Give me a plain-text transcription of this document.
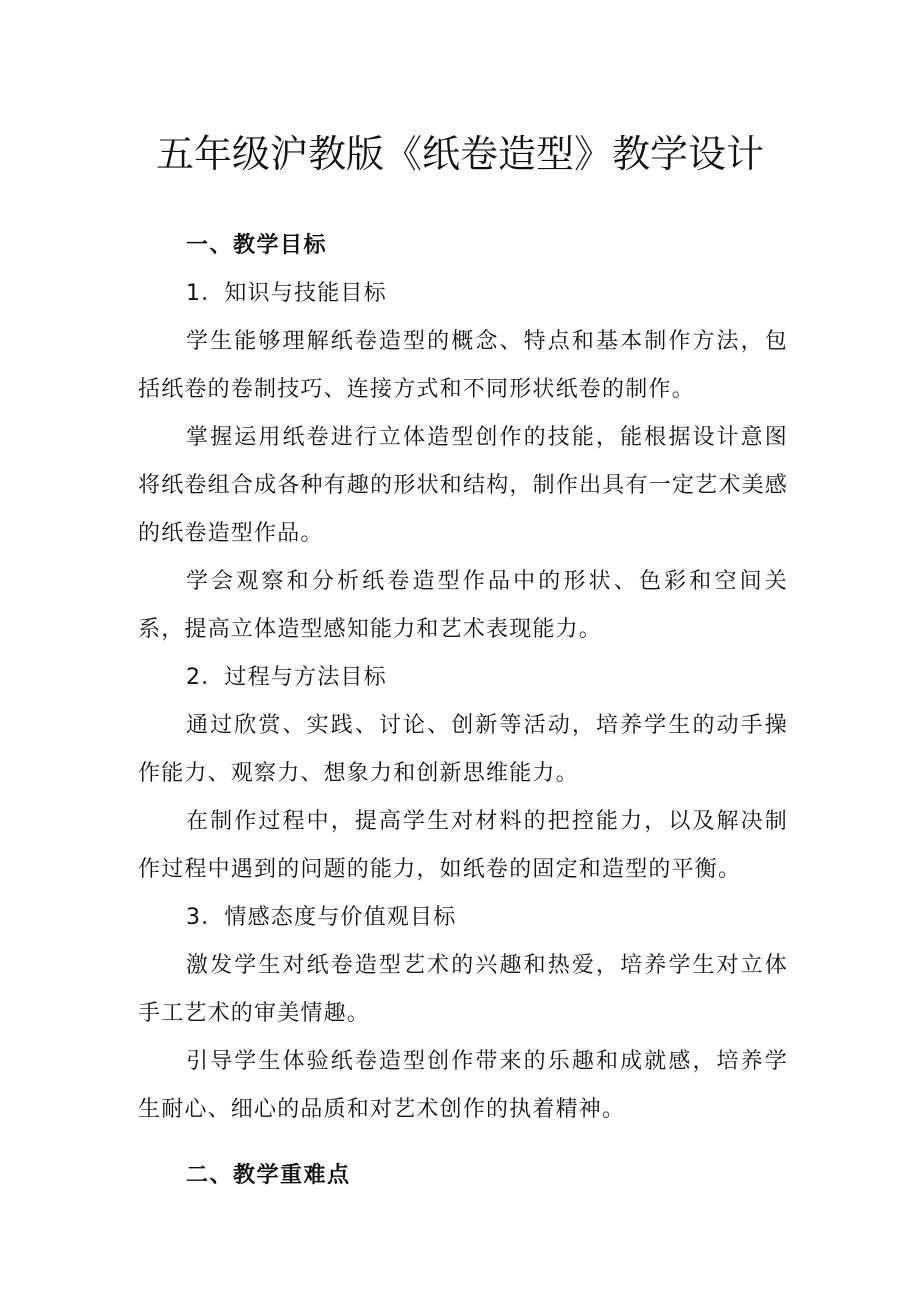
五年级沪教版《纸卷造型》教学设计
一、教学目标
1．知识与技能目标

学生能够理解纸卷造型的概念、特点和基本制作方法，包括纸卷的卷制技巧、连接方式和不同形状纸卷的制作。

掌握运用纸卷进行立体造型创作的技能，能根据设计意图将纸卷组合成各种有趣的形状和结构，制作出具有一定艺术美感的纸卷造型作品。

学会观察和分析纸卷造型作品中的形状、色彩和空间关系，提高立体造型感知能力和艺术表现能力。

2．过程与方法目标

通过欣赏、实践、讨论、创新等活动，培养学生的动手操作能力、观察力、想象力和创新思维能力。

在制作过程中，提高学生对材料的把控能力，以及解决制作过程中遇到的问题的能力，如纸卷的固定和造型的平衡。

3．情感态度与价值观目标

激发学生对纸卷造型艺术的兴趣和热爱，培养学生对立体手工艺术的审美情趣。

引导学生体验纸卷造型创作带来的乐趣和成就感，培养学生耐心、细心的品质和对艺术创作的执着精神。

二、教学重难点
